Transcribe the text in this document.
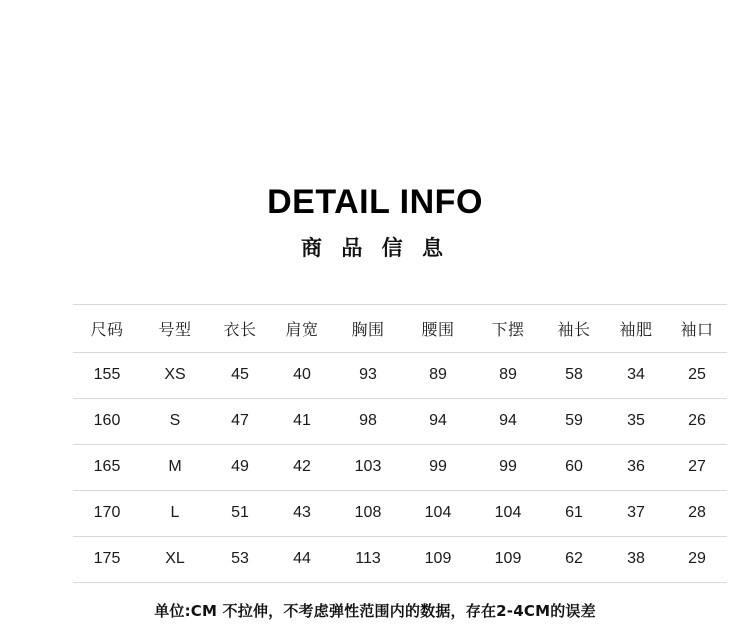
DETAIL INFO
商 品 信 息
尺码	号型	衣长	肩宽	胸围	腰围	下摆	袖长	袖肥	袖口
155	XS	45	40	93	89	89	58	34	25
160	S	47	41	98	94	94	59	35	26
165	M	49	42	103	99	99	60	36	27
170	L	51	43	108	104	104	61	37	28
175	XL	53	44	113	109	109	62	38	29
单位:CM 不拉伸，不考虑弹性范围内的数据，存在2-4CM的误差
